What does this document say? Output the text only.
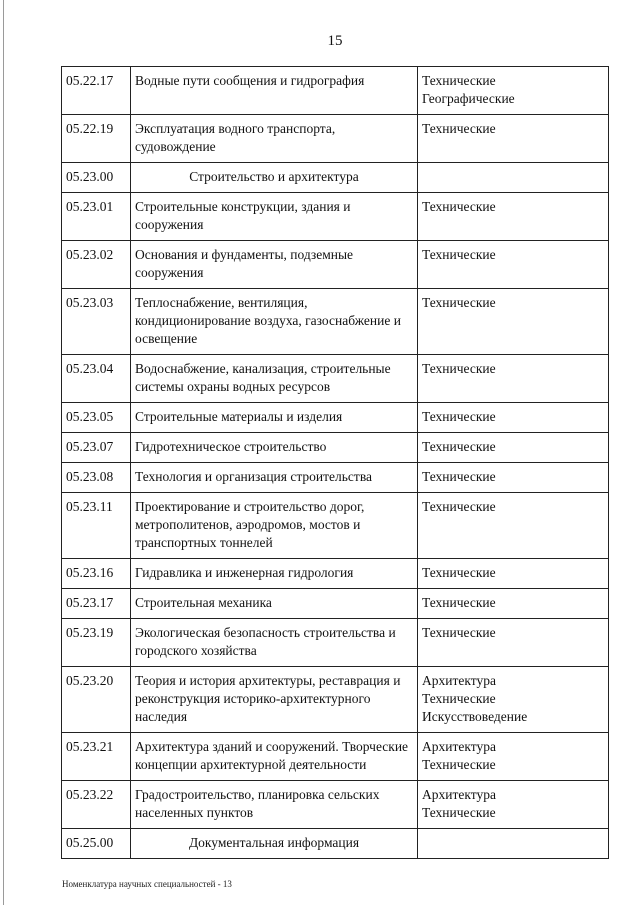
15
05.22.17	Водные пути сообщения и гидрография	Технические
Географические

05.22.19	Эксплуатация водного транспорта, судовождение	Технические

05.23.00	Строительство и архитектура	
05.23.01	Строительные конструкции, здания и сооружения	Технические

05.23.02	Основания и фундаменты, подземные сооружения	Технические

05.23.03	Теплоснабжение, вентиляция, кондиционирование воздуха, газоснабжение и освещение	Технические

05.23.04	Водоснабжение, канализация, строительные системы охраны водных ресурсов	Технические

05.23.05	Строительные материалы и изделия	Технические

05.23.07	Гидротехническое строительство	Технические

05.23.08	Технология и организация строительства	Технические

05.23.11	Проектирование и строительство дорог, метрополитенов, аэродромов, мостов и транспортных тоннелей	Технические

05.23.16	Гидравлика и инженерная гидрология	Технические

05.23.17	Строительная механика	Технические

05.23.19	Экологическая безопасность строительства и городского хозяйства	Технические

05.23.20	Теория и история архитектуры, реставрация и реконструкция историко-архитектурного наследия	Архитектура
Технические
Искусствоведение

05.23.21	Архитектура зданий и сооружений. Творческие концепции архитектурной деятельности	Архитектура
Технические

05.23.22	Градостроительство, планировка сельских населенных пунктов	Архитектура
Технические

05.25.00	Документальная информация	
Номенклатура научных специальностей - 13
